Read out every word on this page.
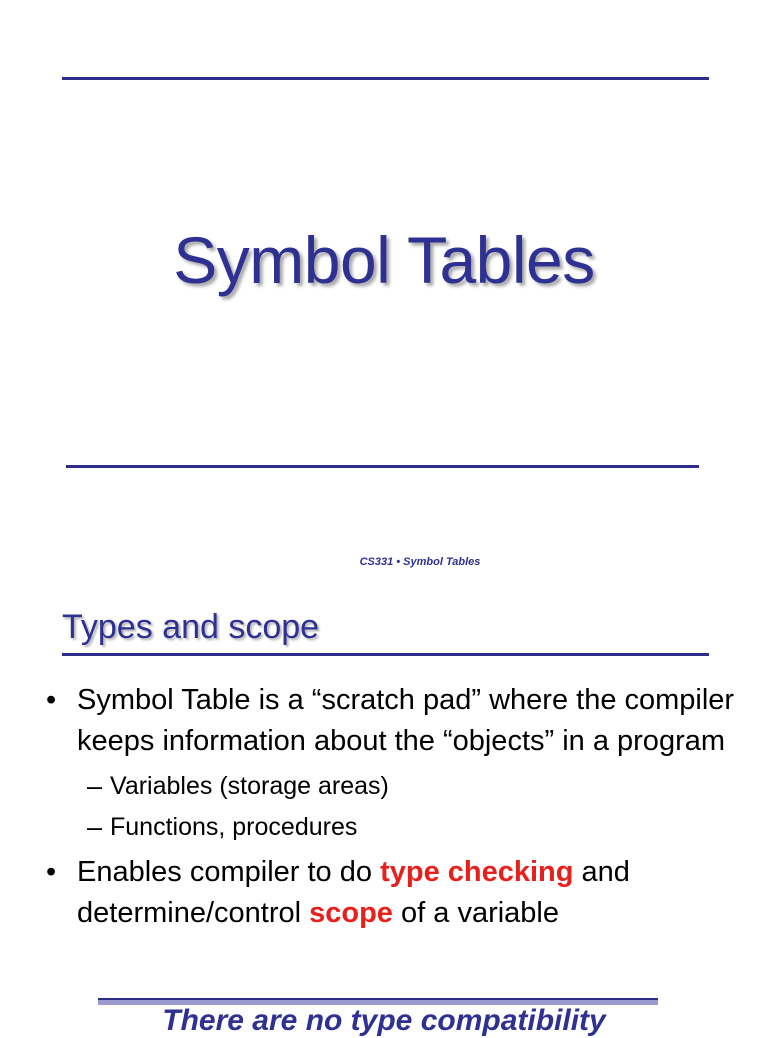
Symbol Tables
CS331 • Symbol Tables
Types and scope
• Symbol Table is a “scratch pad” where the compiler keeps information about the “objects” in a program
– Variables (storage areas)
– Functions, procedures
• Enables compiler to do type checking and determine/control scope of a variable
There are no type compatibility
